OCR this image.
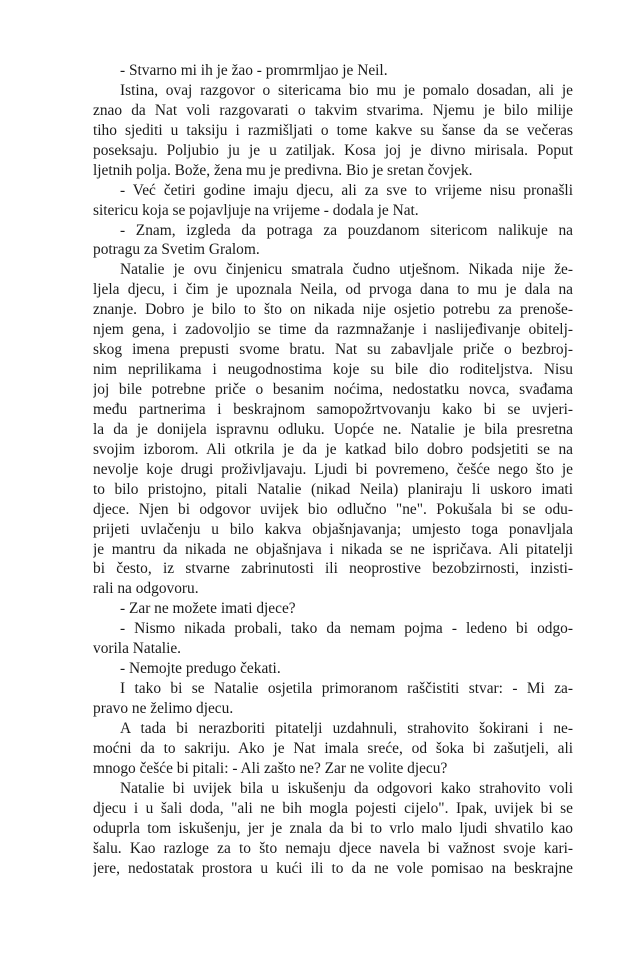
- Stvarno mi ih je žao - promrmljao je Neil.
Istina, ovaj razgovor o sitericama bio mu je pomalo dosadan, ali je
znao da Nat voli razgovarati o takvim stvarima. Njemu je bilo milije
tiho sjediti u taksiju i razmišljati o tome kakve su šanse da se večeras
poseksaju. Poljubio ju je u zatiljak. Kosa joj je divno mirisala. Poput
ljetnih polja. Bože, žena mu je predivna. Bio je sretan čovjek.
- Već četiri godine imaju djecu, ali za sve to vrijeme nisu pronašli
sitericu koja se pojavljuje na vrijeme - dodala je Nat.
- Znam, izgleda da potraga za pouzdanom sitericom nalikuje na
potragu za Svetim Gralom.
Natalie je ovu činjenicu smatrala čudno utješnom. Nikada nije že-
ljela djecu, i čim je upoznala Neila, od prvoga dana to mu je dala na
znanje. Dobro je bilo to što on nikada nije osjetio potrebu za prenoše-
njem gena, i zadovoljio se time da razmnažanje i naslijeđivanje obitelj-
skog imena prepusti svome bratu. Nat su zabavljale priče o bezbroj-
nim neprilikama i neugodnostima koje su bile dio roditeljstva. Nisu
joj bile potrebne priče o besanim noćima, nedostatku novca, svađama
među partnerima i beskrajnom samopožrtvovanju kako bi se uvjeri-
la da je donijela ispravnu odluku. Uopće ne. Natalie je bila presretna
svojim izborom. Ali otkrila je da je katkad bilo dobro podsjetiti se na
nevolje koje drugi proživljavaju. Ljudi bi povremeno, češće nego što je
to bilo pristojno, pitali Natalie (nikad Neila) planiraju li uskoro imati
djece. Njen bi odgovor uvijek bio odlučno "ne". Pokušala bi se odu-
prijeti uvlačenju u bilo kakva objašnjavanja; umjesto toga ponavljala
je mantru da nikada ne objašnjava i nikada se ne ispričava. Ali pitatelji
bi često, iz stvarne zabrinutosti ili neoprostive bezobzirnosti, inzisti-
rali na odgovoru.
- Zar ne možete imati djece?
- Nismo nikada probali, tako da nemam pojma - ledeno bi odgo-
vorila Natalie.
- Nemojte predugo čekati.
I tako bi se Natalie osjetila primoranom raščistiti stvar: - Mi za-
pravo ne želimo djecu.
A tada bi nerazboriti pitatelji uzdahnuli, strahovito šokirani i ne-
moćni da to sakriju. Ako je Nat imala sreće, od šoka bi zašutjeli, ali
mnogo češće bi pitali: - Ali zašto ne? Zar ne volite djecu?
Natalie bi uvijek bila u iskušenju da odgovori kako strahovito voli
djecu i u šali doda, "ali ne bih mogla pojesti cijelo". Ipak, uvijek bi se
oduprla tom iskušenju, jer je znala da bi to vrlo malo ljudi shvatilo kao
šalu. Kao razloge za to što nemaju djece navela bi važnost svoje kari-
jere, nedostatak prostora u kući ili to da ne vole pomisao na beskrajne
